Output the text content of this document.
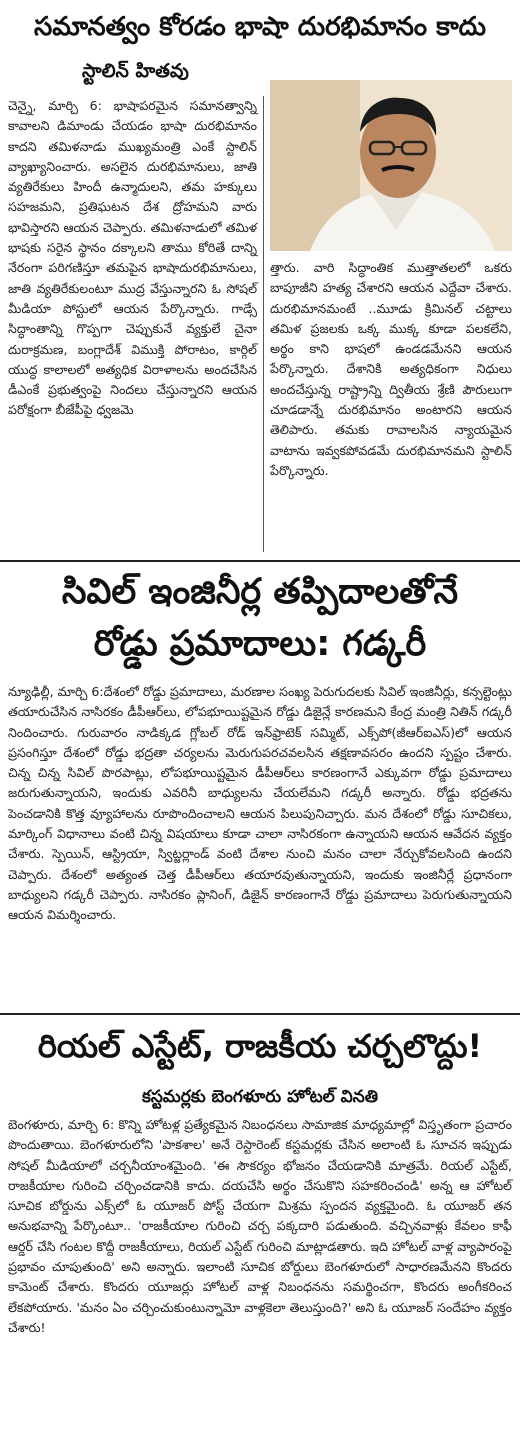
సమానత్వం కోరడం భాషా దురభిమానం కాదు
స్టాలిన్ హితవు

చెన్నై, మార్చి 6: భాషాపరమైన సమానత్వాన్ని కావాలని డిమాండు చేయడం భాషా దురభిమానం కాదని తమిళనాడు ముఖ్యమంత్రి ఎంకే స్టాలిన్ వ్యాఖ్యానించారు. అసలైన దురభిమానులు, జాతి వ్యతిరేకులు హిందీ ఉన్మాదులని, తమ హక్కులు సహజమని, ప్రతిఘటన దేశ ద్రోహమని వారు భావిస్తారని ఆయన చెప్పారు. తమిళనాడులో తమిళ భాషకు సరైన స్థానం దక్కాలని తాము కోరితే దాన్ని నేరంగా పరిగణిస్తూ తమపైన భాషాదురభిమానులు, జాతి వ్యతిరేకులంటూ ముద్ర వేస్తున్నారని ఓ సోషల్ మీడియా పోస్టులో ఆయన పేర్కొన్నారు. గాడ్సే సిద్ధాంతాన్ని గొప్పగా చెప్పుకునే వ్యక్తులే చైనా దురాక్రమణ, బంగ్లాదేశ్ విముక్తి పోరాటం, కార్గిల్ యుద్ధ కాలాలలో అత్యధిక విరాళాలను అందచేసిన డీఎంకే ప్రభుత్వంపై నిందలు చేస్తున్నారని ఆయన పరోక్షంగా బీజేపీపై ధ్వజమె

త్తారు. వారి సిద్ధాంతిక ముత్తాతలలో ఒకరు బాపూజీని హత్య చేశారని ఆయన ఎద్దేవా చేశారు. దురభిమానమంటే ..మూడు క్రిమినల్ చట్టాలు తమిళ ప్రజలకు ఒక్క ముక్క కూడా పలకలేని, అర్థం కాని భాషలో ఉండడమేనని ఆయన పేర్కొన్నారు. దేశానికి అత్యధికంగా నిధులు అందచేస్తున్న రాష్ట్రాన్ని ద్వితీయ శ్రేణి పౌరులుగా చూడడాన్నే దురభిమానం అంటారని ఆయన తెలిపారు. తమకు రావాలసిన న్యాయమైన వాటాను ఇవ్వకపోవడమే దురభిమానమని స్టాలిన్ పేర్కొన్నారు.

సివిల్ ఇంజినీర్ల తప్పిదాలతోనే
రోడ్డు ప్రమాదాలు: గడ్కరీ

న్యూఢిల్లీ, మార్చి 6:దేశంలో రోడ్డు ప్రమాదాలు, మరణాల సంఖ్య పెరుగుదలకు సివిల్ ఇంజినీర్లు, కన్సల్టెంట్లు తయారుచేసిన నాసిరకం డీపీఆర్‌లు, లోపభూయిష్టమైన రోడ్డు డిజైన్లే కారణమని కేంద్ర మంత్రి నితిన్ గడ్కరీ నిందించారు. గురువారం నాడిక్కడ గ్లోబల్ రోడ్ ఇన్‌ఫ్రాటెక్ సమ్మిట్, ఎక్స్‌పో(జీఆర్ఐఎస్)లో ఆయన ప్రసంగిస్తూ దేశంలో రోడ్డు భద్రతా చర్యలను మెరుగుపరచవలసిన తక్షణావసరం ఉందని స్పష్టం చేశారు. చిన్న చిన్న సివిల్ పొరపాట్లు, లోపభూయిష్టమైన డీపీఆర్‌లు కారణంగానే ఎక్కువగా రోడ్డు ప్రమాదాలు జరుగుతున్నాయని, ఇందుకు ఎవరినీ బాధ్యులను చేయలేమని గడ్కరీ అన్నారు. రోడ్డు భద్రతను పెంచడానికి కొత్త వ్యూహాలను రూపొందించాలని ఆయన పిలుపునిచ్చారు. మన దేశంలో రోడ్డు సూచికలు, మార్కింగ్ విధానాలు వంటి చిన్న విషయాలు కూడా చాలా నాసిరకంగా ఉన్నాయని ఆయన ఆవేదన వ్యక్తం చేశారు. స్పెయిన్, ఆస్ట్రియా, స్విట్జర్లాండ్ వంటి దేశాల నుంచి మనం చాలా నేర్చుకోవలసింది ఉందని చెప్పారు. దేశంలో అత్యంత చెత్త డీపీఆర్‌లు తయారవుతున్నాయని, ఇందుకు ఇంజినీర్లే ప్రధానంగా బాధ్యులని గడ్కరీ చెప్పారు. నాసిరకం ప్లానింగ్, డిజైన్ కారణంగానే రోడ్డు ప్రమాదాలు పెరుగుతున్నాయని ఆయన విమర్శించారు.

రియల్ ఎస్టేట్, రాజకీయ చర్చలొద్దు!
కస్టమర్లకు బెంగళూరు హోటల్ వినతి

బెంగళూరు, మార్చి 6: కొన్ని హోటళ్ల ప్రత్యేకమైన నిబంధనలు సామాజిక మాధ్యమాల్లో విస్తృతంగా ప్రచారం పొందుతాయి. బెంగళూరులోని 'పాకశాల' అనే రెస్టారెంట్ కస్టమర్లకు చేసిన అలాంటి ఓ సూచన ఇప్పుడు సోషల్ మీడియాలో చర్చనీయాంశమైంది. 'ఈ సౌకర్యం భోజనం చేయడానికి మాత్రమే. రియల్ ఎస్టేట్, రాజకీయాల గురించి చర్చించడానికి కాదు. దయచేసి అర్థం చేసుకొని సహకరించండి' అన్న ఆ హోటల్ సూచిక బోర్డును ఎక్స్‌లో ఓ యూజర్ పోస్ట్ చేయగా మిశ్రమ స్పందన వ్యక్తమైంది. ఓ యూజర్ తన అనుభవాన్ని పేర్కొంటూ.. 'రాజకీయాల గురించి చర్చ పక్కదారి పడుతుంది. వచ్చినవాళ్లు కేవలం కాఫీ ఆర్డర్ చేసి గంటల కొద్దీ రాజకీయాలు, రియల్ ఎస్టేట్ గురించి మాట్లాడతారు. ఇది హోటల్ వాళ్ల వ్యాపారంపై ప్రభావం చూపుతుంది' అని అన్నారు. ఇలాంటి సూచిక బోర్డులు బెంగళూరులో సాధారణమేనని కొందరు కామెంట్ చేశారు. కొందరు యూజర్లు హోటల్ వాళ్ల నిబంధనను సమర్థించగా, కొందరు అంగీకరించ లేకపోయారు. 'మనం ఏం చర్చించుకుంటున్నామో వాళ్లకెలా తెలుస్తుంది?' అని ఓ యూజర్ సందేహం వ్యక్తం చేశారు!
